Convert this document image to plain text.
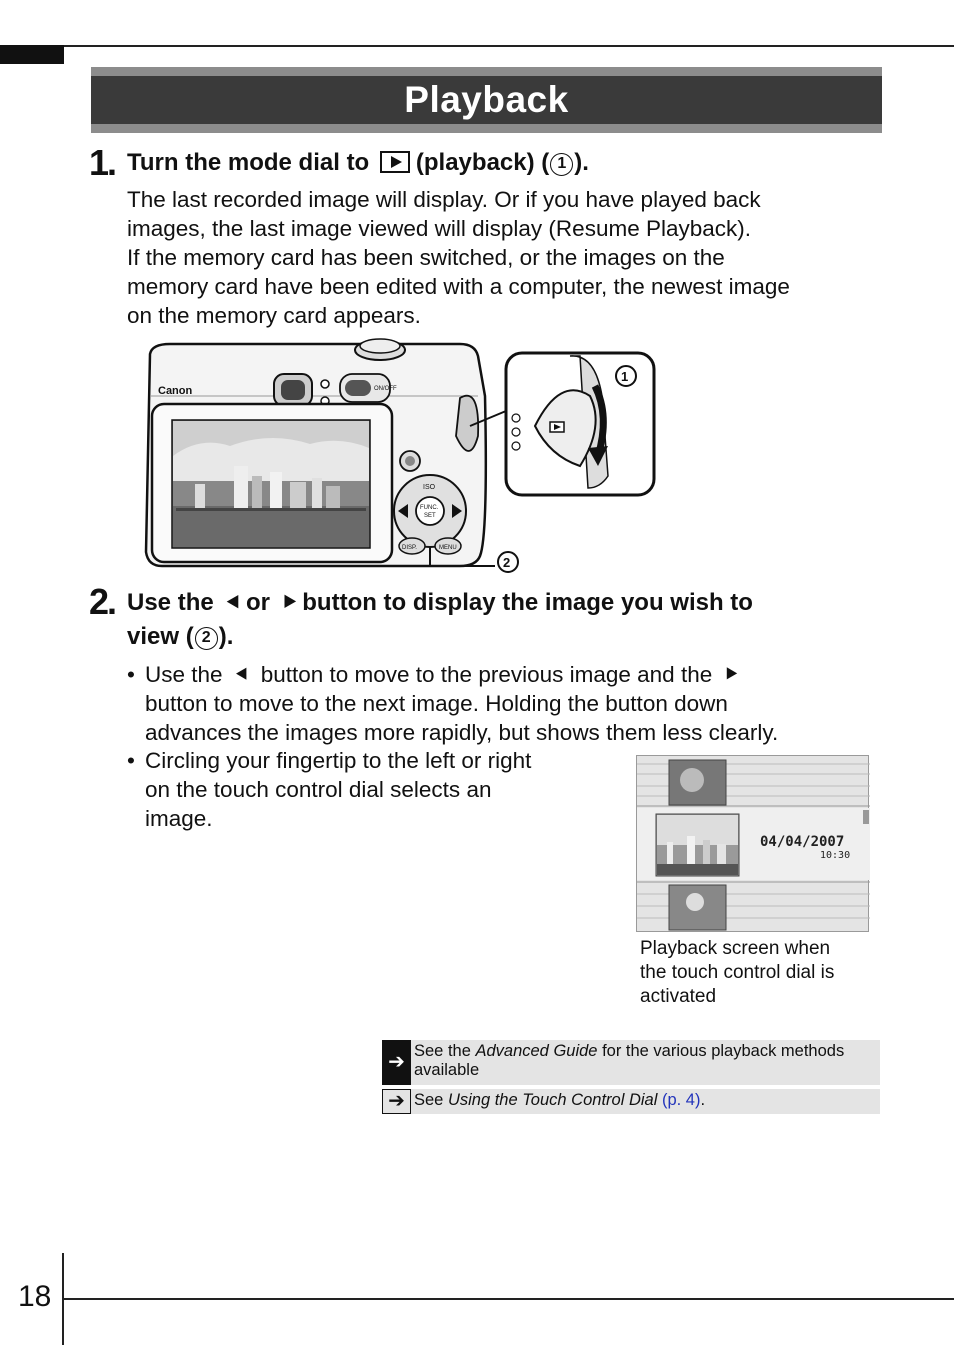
Playback
1. Turn the mode dial to (playback) ( 1 ).
The last recorded image will display. Or if you have played back
images, the last image viewed will display (Resume Playback).
If the memory card has been switched, or the images on the
memory card have been edited with a computer, the newest image
on the memory card appears.
Canon	ON/OFF
FUNC.
SET
ISO
DISP.	MENU
2
1
2. Use the ⯇ or ⯈ button to display the image you wish to
view ( 2 ).
• Use the ⯇ button to move to the previous image and the ⯈
button to move to the next image. Holding the button down
advances the images more rapidly, but shows them less clearly.
• Circling your fingertip to the left or right
on the touch control dial selects an
image.
04/04/2007
10:30
Playback screen when
the touch control dial is
activated
➔ See the Advanced Guide for the various playback methods
available
➔ See Using the Touch Control Dial (p. 4).
18
